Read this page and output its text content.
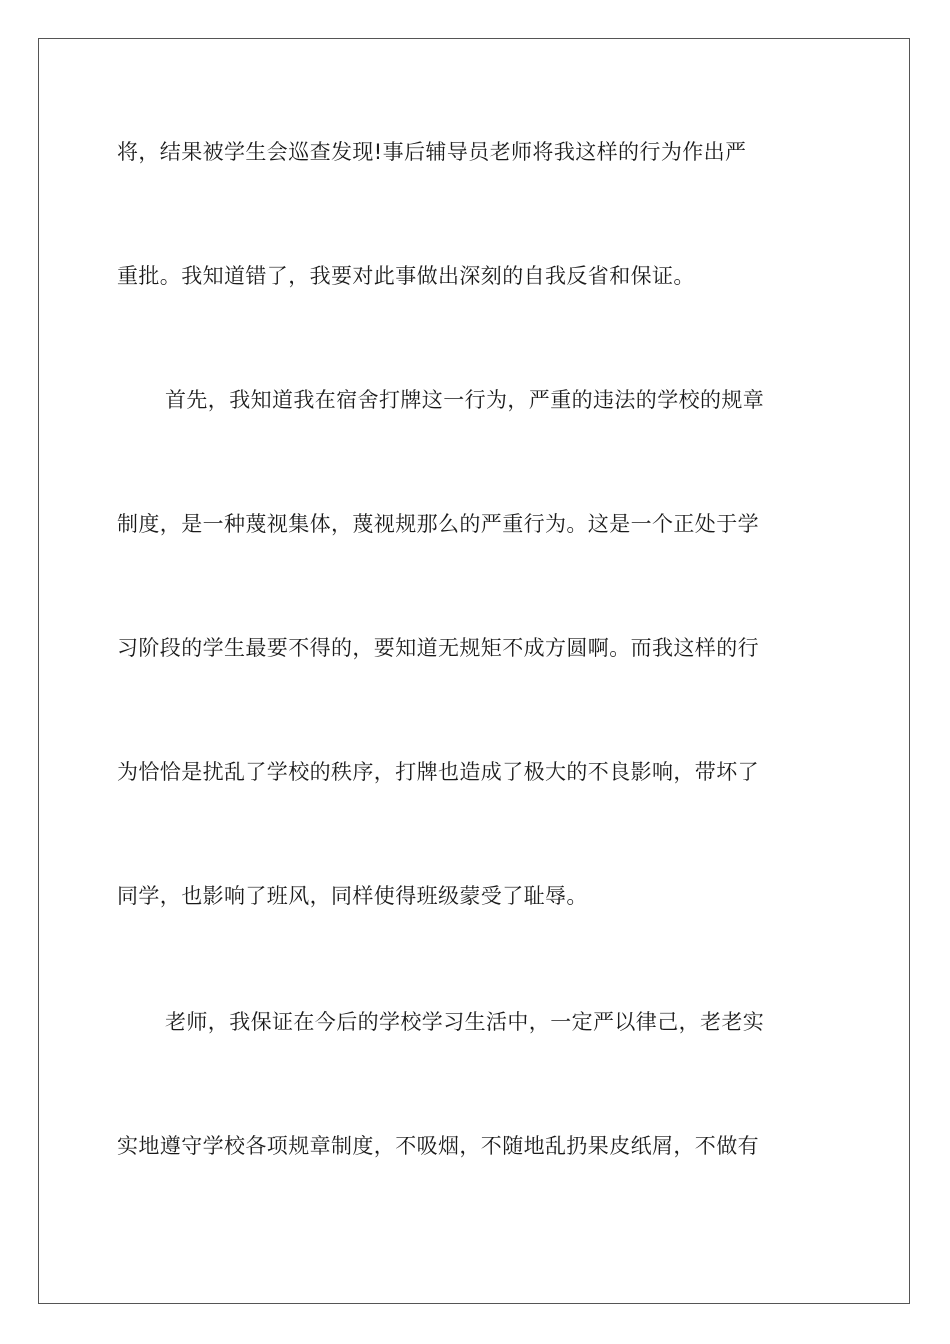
将，结果被学生会巡查发现!事后辅导员老师将我这样的行为作出严

重批。我知道错了，我要对此事做出深刻的自我反省和保证。

首先，我知道我在宿舍打牌这一行为，严重的违法的学校的规章

制度，是一种蔑视集体，蔑视规那么的严重行为。这是一个正处于学

习阶段的学生最要不得的，要知道无规矩不成方圆啊。而我这样的行

为恰恰是扰乱了学校的秩序，打牌也造成了极大的不良影响，带坏了

同学，也影响了班风，同样使得班级蒙受了耻辱。

老师，我保证在今后的学校学习生活中，一定严以律己，老老实

实地遵守学校各项规章制度，不吸烟，不随地乱扔果皮纸屑，不做有
